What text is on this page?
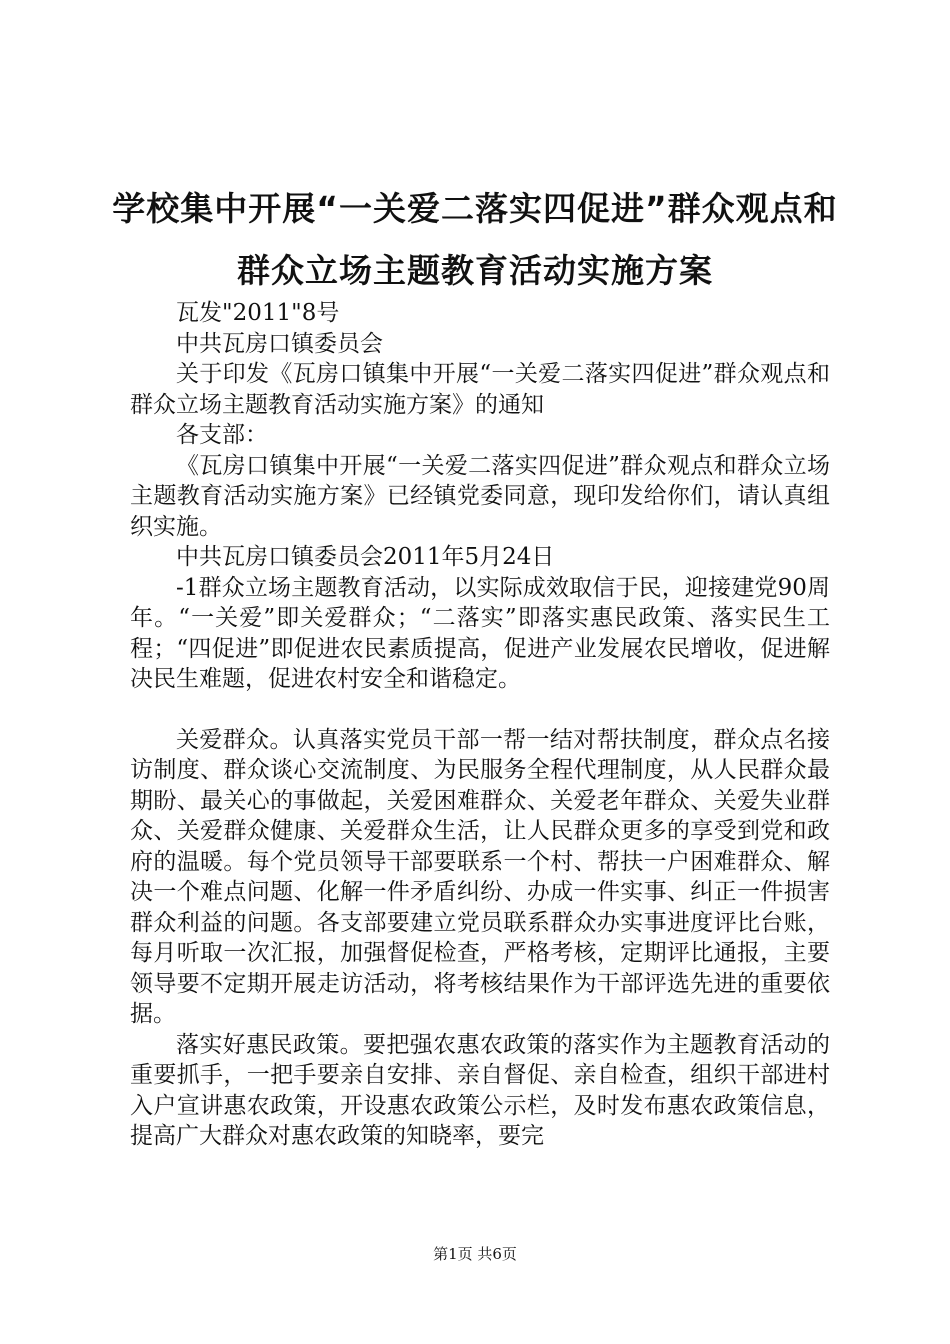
学校集中开展“一关爱二落实四促进”群众观点和群众立场主题教育活动实施方案

瓦发"2011"8号

中共瓦房口镇委员会

关于印发《瓦房口镇集中开展“一关爱二落实四促进”群众观点和群众立场主题教育活动实施方案》的通知

各支部：

《瓦房口镇集中开展“一关爱二落实四促进”群众观点和群众立场主题教育活动实施方案》已经镇党委同意，现印发给你们，请认真组织实施。

中共瓦房口镇委员会2011年5月24日

-1群众立场主题教育活动，以实际成效取信于民，迎接建党90周年。“一关爱”即关爱群众；“二落实”即落实惠民政策、落实民生工程；“四促进”即促进农民素质提高，促进产业发展农民增收，促进解决民生难题，促进农村安全和谐稳定。

关爱群众。认真落实党员干部一帮一结对帮扶制度，群众点名接访制度、群众谈心交流制度、为民服务全程代理制度，从人民群众最期盼、最关心的事做起，关爱困难群众、关爱老年群众、关爱失业群众、关爱群众健康、关爱群众生活，让人民群众更多的享受到党和政府的温暖。每个党员领导干部要联系一个村、帮扶一户困难群众、解决一个难点问题、化解一件矛盾纠纷、办成一件实事、纠正一件损害群众利益的问题。各支部要建立党员联系群众办实事进度评比台账，每月听取一次汇报，加强督促检查，严格考核，定期评比通报，主要领导要不定期开展走访活动，将考核结果作为干部评选先进的重要依据。

落实好惠民政策。要把强农惠农政策的落实作为主题教育活动的重要抓手，一把手要亲自安排、亲自督促、亲自检查，组织干部进村入户宣讲惠农政策，开设惠农政策公示栏，及时发布惠农政策信息，提高广大群众对惠农政策的知晓率，要完

第1页 共6页
